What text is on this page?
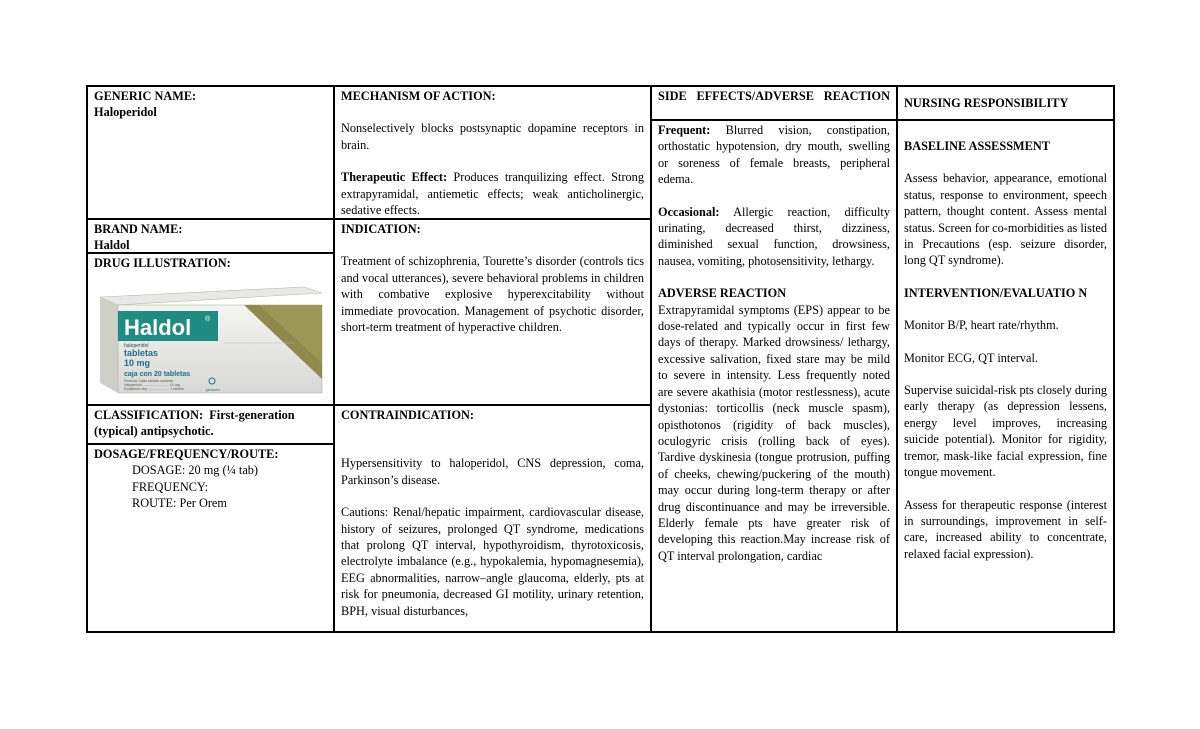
GENERIC NAME:
Haloperidol
BRAND NAME:
Haldol
DRUG ILLUSTRATION:
Haldol ®
haloperidol
tabletas
10 mg
caja con 20 tabletas
Fórmula: Cada tableta contiene:
Haloperidol ........................... 10 mg
Excipiente cbp ...................... 1 tableta	janssen
CLASSIFICATION: First-generation
(typical) antipsychotic.
DOSAGE/FREQUENCY/ROUTE:
DOSAGE: 20 mg (¼ tab)
FREQUENCY:
ROUTE: Per Orem
MECHANISM OF ACTION:

Nonselectively blocks postsynaptic dopamine receptors in brain.

Therapeutic Effect: Produces tranquilizing effect. Strong extrapyramidal, antiemetic effects; weak anticholinergic, sedative effects.

INDICATION:

Treatment of schizophrenia, Tourette’s disorder (controls tics and vocal utterances), severe behavioral problems in children with combative explosive hyperexcitability without immediate provocation. Management of psychotic disorder, short-term treatment of hyperactive children.

CONTRAINDICATION:

Hypersensitivity to haloperidol, CNS depression, coma, Parkinson’s disease.

Cautions: Renal/hepatic impairment, cardiovascular disease, history of seizures, prolonged QT syndrome, medications that prolong QT interval, hypothyroidism, thyrotoxicosis, electrolyte imbalance (e.g., hypokalemia, hypomagnesemia), EEG abnormalities, narrow–angle glaucoma, elderly, pts at risk for pneumonia, decreased GI motility, urinary retention, BPH, visual disturbances,

SIDE EFFECTS/ADVERSE REACTION

Frequent: Blurred vision, constipation, orthostatic hypotension, dry mouth, swelling or soreness of female breasts, peripheral edema.

Occasional: Allergic reaction, difficulty urinating, decreased thirst, dizziness, diminished sexual function, drowsiness, nausea, vomiting, photosensitivity, lethargy.

ADVERSE REACTION

Extrapyramidal symptoms (EPS) appear to be dose-related and typically occur in first few days of therapy. Marked drowsiness/ lethargy, excessive salivation, fixed stare may be mild to severe in intensity. Less frequently noted are severe akathisia (motor restlessness), acute dystonias: torticollis (neck muscle spasm), opisthotonos (rigidity of back muscles), oculogyric crisis (rolling back of eyes). Tardive dyskinesia (tongue protrusion, puffing of cheeks, chewing/puckering of the mouth) may occur during long-term therapy or after drug discontinuance and may be irreversible. Elderly female pts have greater risk of developing this reaction.May increase risk of QT interval prolongation, cardiac

NURSING RESPONSIBILITY
BASELINE ASSESSMENT

Assess behavior, appearance, emotional status, response to environment, speech pattern, thought content. Assess mental status. Screen for co-morbidities as listed in Precautions (esp. seizure disorder, long QT syndrome).

INTERVENTION/EVALUATIO N

Monitor B/P, heart rate/rhythm.

Monitor ECG, QT interval.

Supervise suicidal-risk pts closely during early therapy (as depression lessens, energy level improves, increasing suicide potential). Monitor for rigidity, tremor, mask-like facial expression, fine tongue movement.

Assess for therapeutic response (interest in surroundings, improvement in self-care, increased ability to concentrate, relaxed facial expression).
